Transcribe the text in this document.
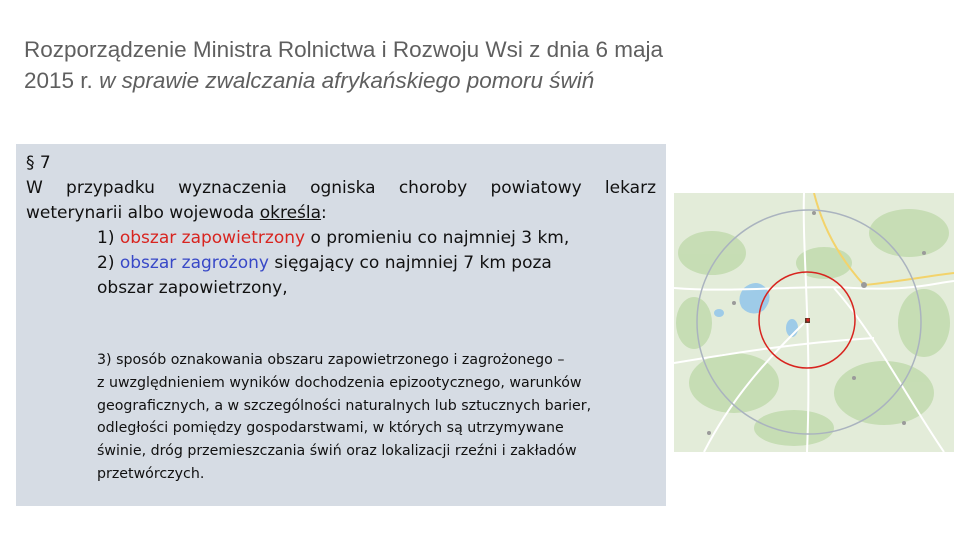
Rozporządzenie Ministra Rolnictwa i Rozwoju Wsi z dnia 6 maja
2015 r. w sprawie zwalczania afrykańskiego pomoru świń
§ 7
W przypadku wyznaczenia ogniska choroby powiatowy lekarz
weterynarii albo wojewoda określa:
1) obszar zapowietrzony o promieniu co najmniej 3 km,
2) obszar zagrożony sięgający co najmniej 7 km poza
obszar zapowietrzony,
3) sposób oznakowania obszaru zapowietrzonego i zagrożonego –
z uwzględnieniem wyników dochodzenia epizootycznego, warunków
geograficznych, a w szczególności naturalnych lub sztucznych barier,
odległości pomiędzy gospodarstwami, w których są utrzymywane
świnie, dróg przemieszczania świń oraz lokalizacji rzeźni i zakładów
przetwórczych.
